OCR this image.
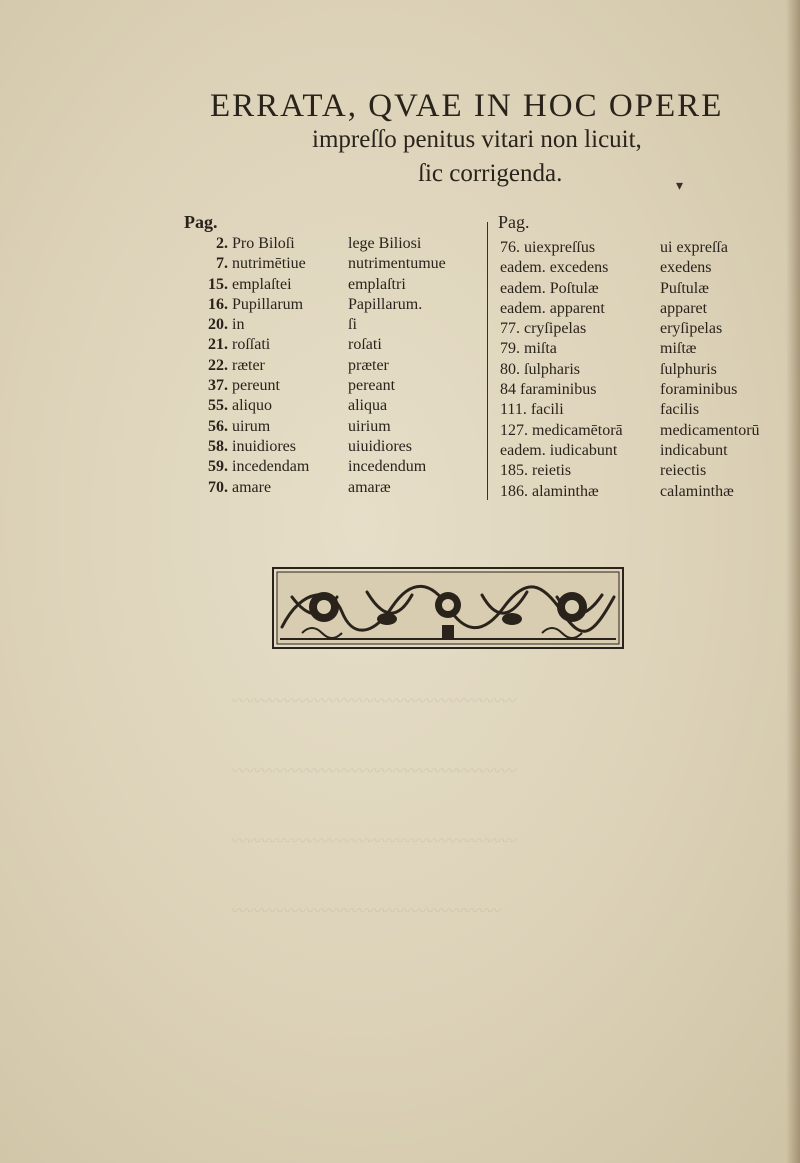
ERRATA, QVAE IN HOC OPERE
impreſſo penitus vitari non licuit,
ſic corrigenda.	▾
Pag.	Pag.
2.	Pro Biloſi	lege Biliosi
7.	nutrimētiue	nutrimentumue
15.	emplaſtei	emplaſtri
16.	Pupillarum	Papillarum.
20.	in	ſi
21.	roſſati	roſati
22.	ræter	præter
37.	pereunt	pereant
55.	aliquo	aliqua
56.	uirum	uirium
58.	inuidiores	uiuidiores
59.	incedendam	incedendum
70.	amare	amaræ
76. uiexpreſſus	ui expreſſa
eadem. excedens	exedens
eadem. Poſtulæ	Puſtulæ
eadem. apparent	apparet
77. cryſipelas	eryſipelas
79. miſta	miſtæ
80. ſulpharis	ſulphuris
84 faraminibus	foraminibus
111. facili	facilis
127. medicamētorā	medicamentorū
eadem. iudicabunt	indicabunt
185. reietis	reiectis
186. alaminthæ	calaminthæ
〰〰〰〰〰〰〰〰〰〰〰〰〰〰〰〰〰〰〰
〰〰〰〰〰〰〰〰〰〰〰〰〰〰〰〰〰〰〰
〰〰〰〰〰〰〰〰〰〰〰〰〰〰〰〰〰〰〰
〰〰〰〰〰〰〰〰〰〰〰〰〰〰〰〰〰〰
